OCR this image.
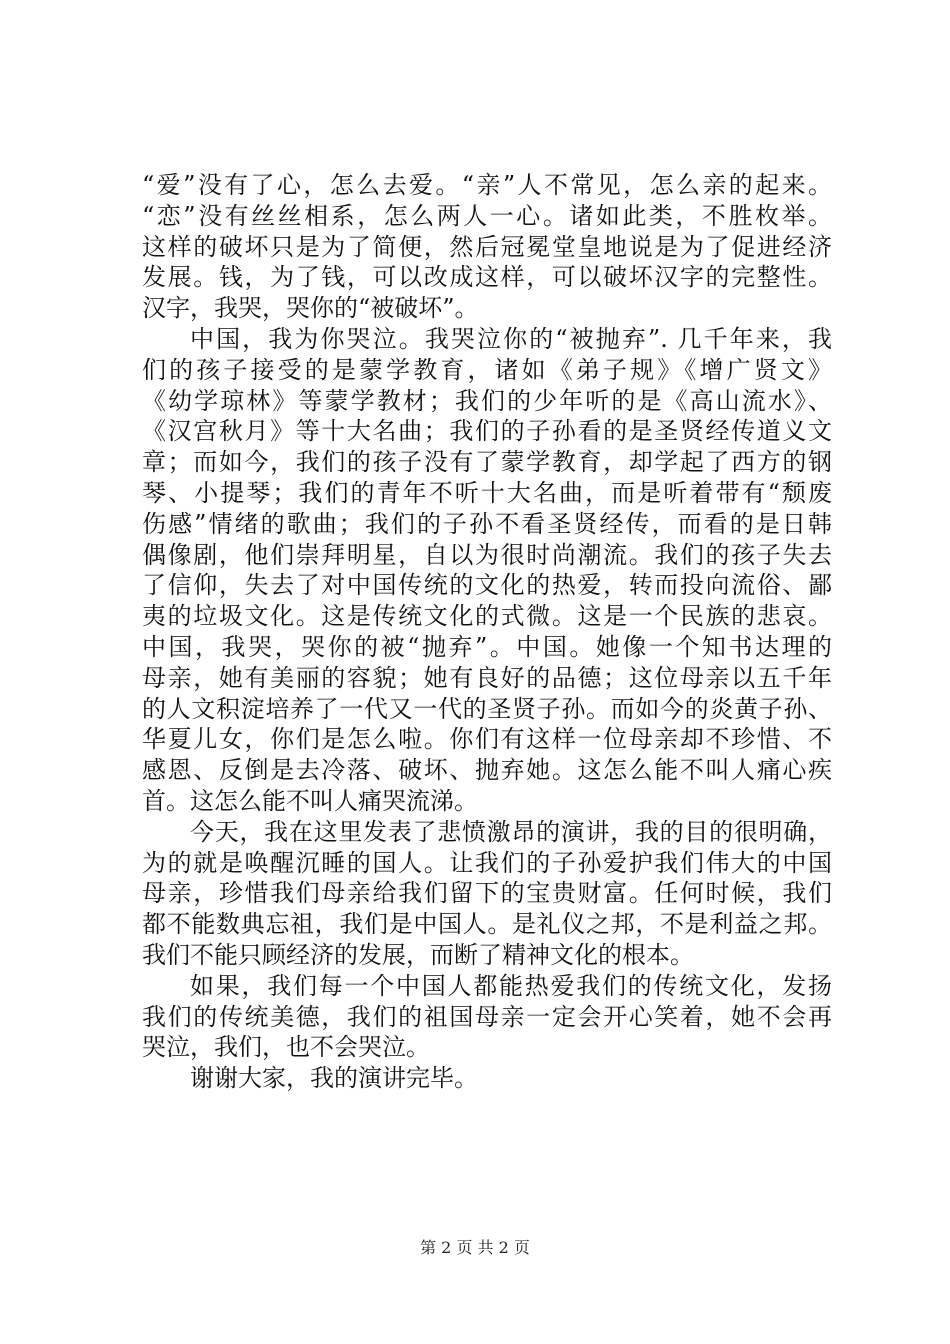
“爱”没有了心，怎么去爱。“亲”人不常见，怎么亲的起来。
“恋”没有丝丝相系，怎么两人一心。诸如此类，不胜枚举。
这样的破坏只是为了简便，然后冠冕堂皇地说是为了促进经济
发展。钱，为了钱，可以改成这样，可以破坏汉字的完整性。
汉字，我哭，哭你的“被破坏”。
中国，我为你哭泣。我哭泣你的“被抛弃”. 几千年来，我
们的孩子接受的是蒙学教育，诸如《弟子规》《增广贤文》
《幼学琼林》等蒙学教材；我们的少年听的是《高山流水》、
《汉宫秋月》等十大名曲；我们的子孙看的是圣贤经传道义文
章；而如今，我们的孩子没有了蒙学教育，却学起了西方的钢
琴、小提琴；我们的青年不听十大名曲，而是听着带有“颓废
伤感”情绪的歌曲；我们的子孙不看圣贤经传，而看的是日韩
偶像剧，他们崇拜明星，自以为很时尚潮流。我们的孩子失去
了信仰，失去了对中国传统的文化的热爱，转而投向流俗、鄙
夷的垃圾文化。这是传统文化的式微。这是一个民族的悲哀。
中国，我哭，哭你的被“抛弃”。中国。她像一个知书达理的
母亲，她有美丽的容貌；她有良好的品德；这位母亲以五千年
的人文积淀培养了一代又一代的圣贤子孙。而如今的炎黄子孙、
华夏儿女，你们是怎么啦。你们有这样一位母亲却不珍惜、不
感恩、反倒是去冷落、破坏、抛弃她。这怎么能不叫人痛心疾
首。这怎么能不叫人痛哭流涕。
今天，我在这里发表了悲愤激昂的演讲，我的目的很明确，
为的就是唤醒沉睡的国人。让我们的子孙爱护我们伟大的中国
母亲，珍惜我们母亲给我们留下的宝贵财富。任何时候，我们
都不能数典忘祖，我们是中国人。是礼仪之邦，不是利益之邦。
我们不能只顾经济的发展，而断了精神文化的根本。
如果，我们每一个中国人都能热爱我们的传统文化，发扬
我们的传统美德，我们的祖国母亲一定会开心笑着，她不会再
哭泣，我们，也不会哭泣。
谢谢大家，我的演讲完毕。
第 2 页 共 2 页
